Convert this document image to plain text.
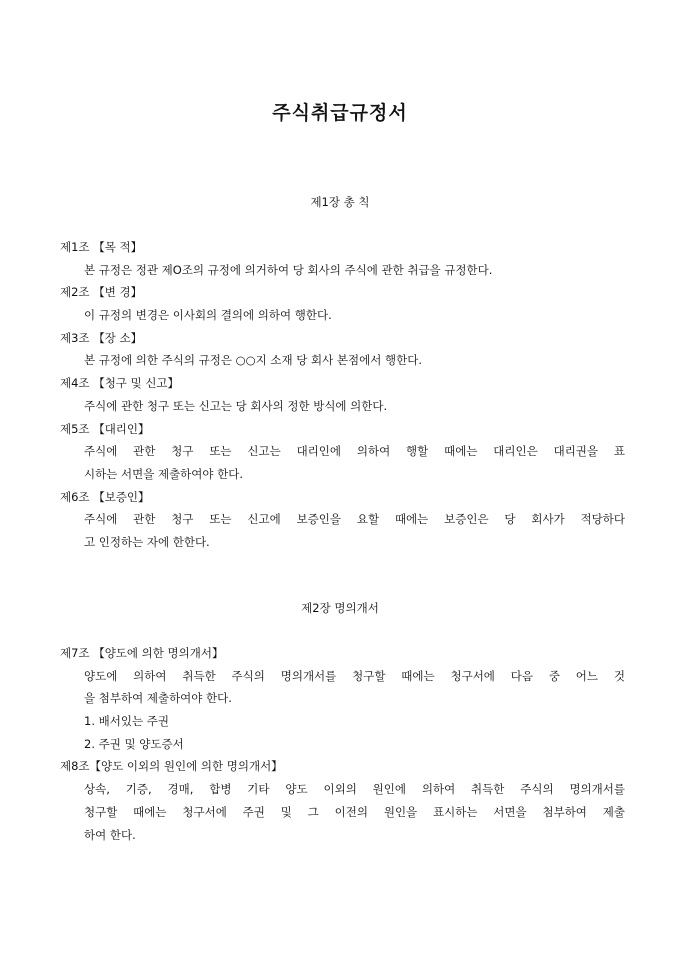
주식취급규정서
제1장 총 칙
제1조 【목 적】
본 규정은 정관 제O조의 규정에 의거하여 당 회사의 주식에 관한 취급을 규정한다.
제2조 【변 경】
이 규정의 변경은 이사회의 결의에 의하여 행한다.
제3조 【장 소】
본 규정에 의한 주식의 규정은 ○○지 소재 당 회사 본점에서 행한다.
제4조 【청구 및 신고】
주식에 관한 청구 또는 신고는 당 회사의 정한 방식에 의한다.
제5조 【대리인】
주식에 관한 청구 또는 신고는 대리인에 의하여 행할 때에는 대리인은 대리권을 표
시하는 서면을 제출하여야 한다.
제6조 【보증인】
주식에 관한 청구 또는 신고에 보증인을 요할 때에는 보증인은 당 회사가 적당하다
고 인정하는 자에 한한다.
제2장 명의개서
제7조 【양도에 의한 명의개서】
양도에 의하여 취득한 주식의 명의개서를 청구할 때에는 청구서에 다음 중 어느 것
을 첨부하여 제출하여야 한다.
1. 배서있는 주권
2. 주권 및 양도증서
제8조【양도 이외의 원인에 의한 명의개서】
상속, 기증, 경매, 합병 기타 양도 이외의 원인에 의하여 취득한 주식의 명의개서를
청구할 때에는 청구서에 주권 및 그 이전의 원인을 표시하는 서면을 첨부하여 제출
하여 한다.
